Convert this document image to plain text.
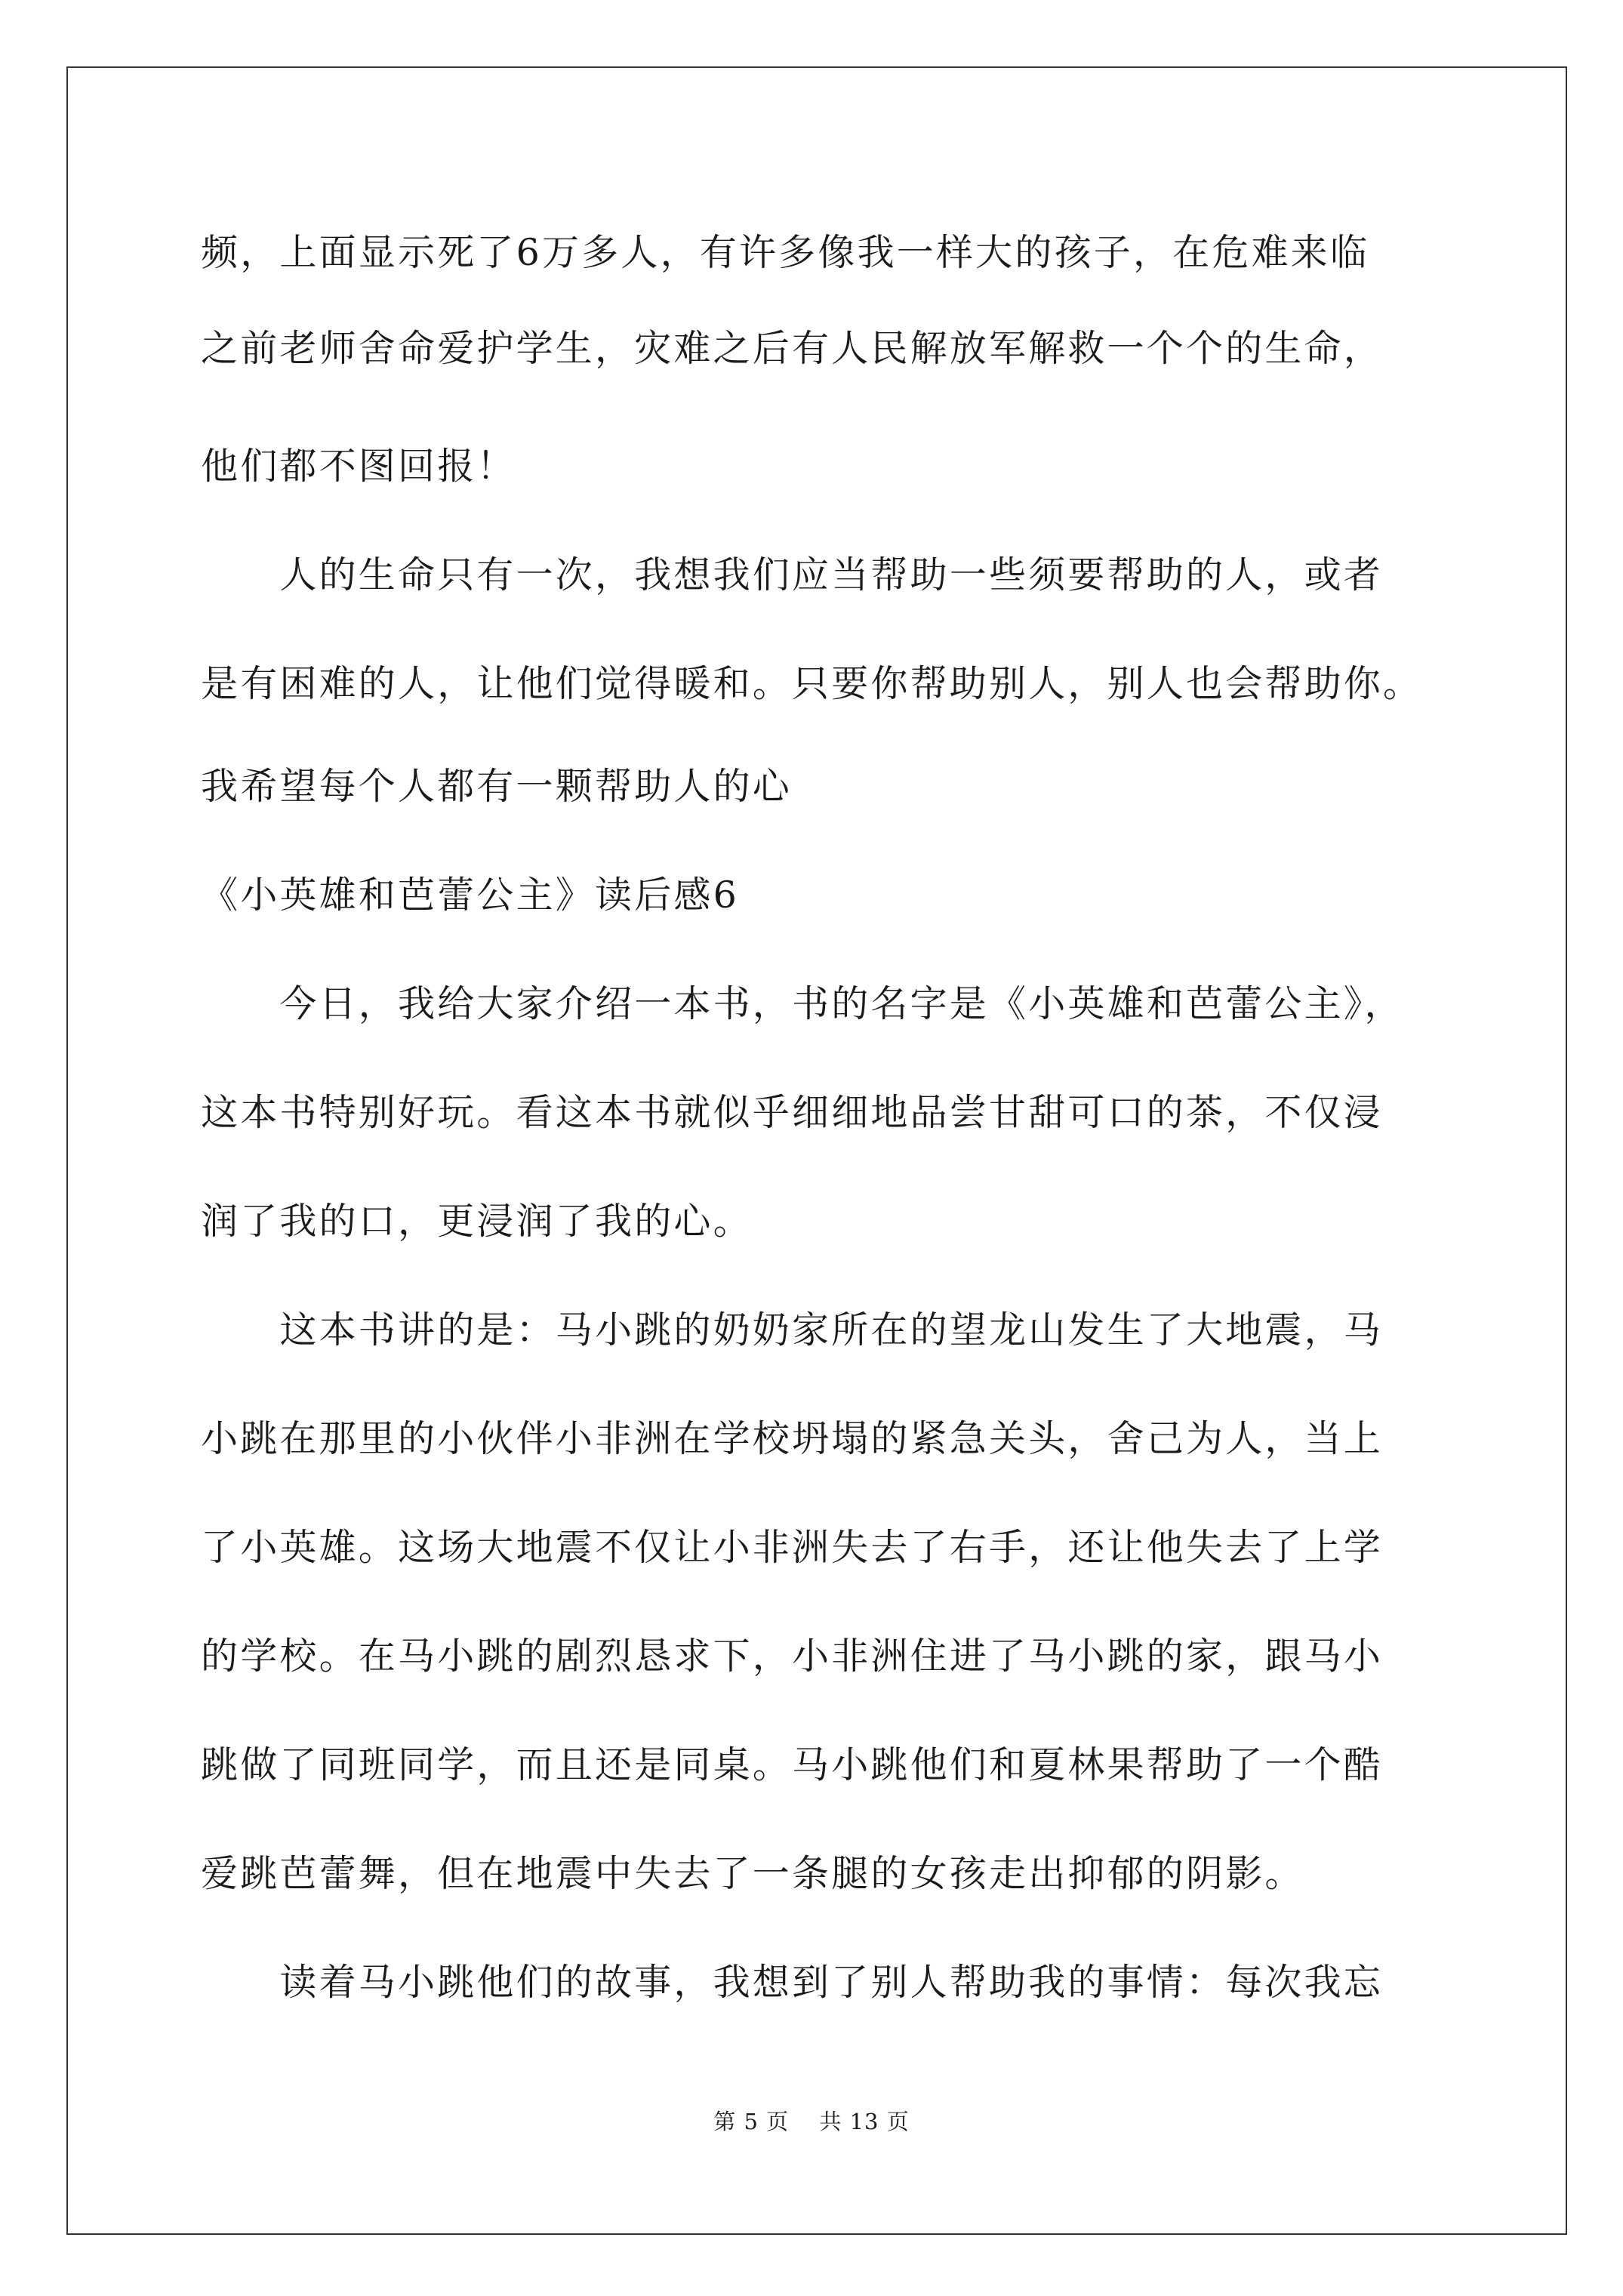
频，上面显示死了6万多人，有许多像我一样大的孩子，在危难来临
之前老师舍命爱护学生，灾难之后有人民解放军解救一个个的生命，
他们都不图回报！
　　人的生命只有一次，我想我们应当帮助一些须要帮助的人，或者
是有困难的人，让他们觉得暖和。只要你帮助别人，别人也会帮助你。
我希望每个人都有一颗帮助人的心
《小英雄和芭蕾公主》读后感6
　　今日，我给大家介绍一本书，书的名字是《小英雄和芭蕾公主》，
这本书特别好玩。看这本书就似乎细细地品尝甘甜可口的茶，不仅浸
润了我的口，更浸润了我的心。
　　这本书讲的是：马小跳的奶奶家所在的望龙山发生了大地震，马
小跳在那里的小伙伴小非洲在学校坍塌的紧急关头，舍己为人，当上
了小英雄。这场大地震不仅让小非洲失去了右手，还让他失去了上学
的学校。在马小跳的剧烈恳求下，小非洲住进了马小跳的家，跟马小
跳做了同班同学，而且还是同桌。马小跳他们和夏林果帮助了一个酷
爱跳芭蕾舞，但在地震中失去了一条腿的女孩走出抑郁的阴影。
　　读着马小跳他们的故事，我想到了别人帮助我的事情：每次我忘
第 5 页　 共 13 页
